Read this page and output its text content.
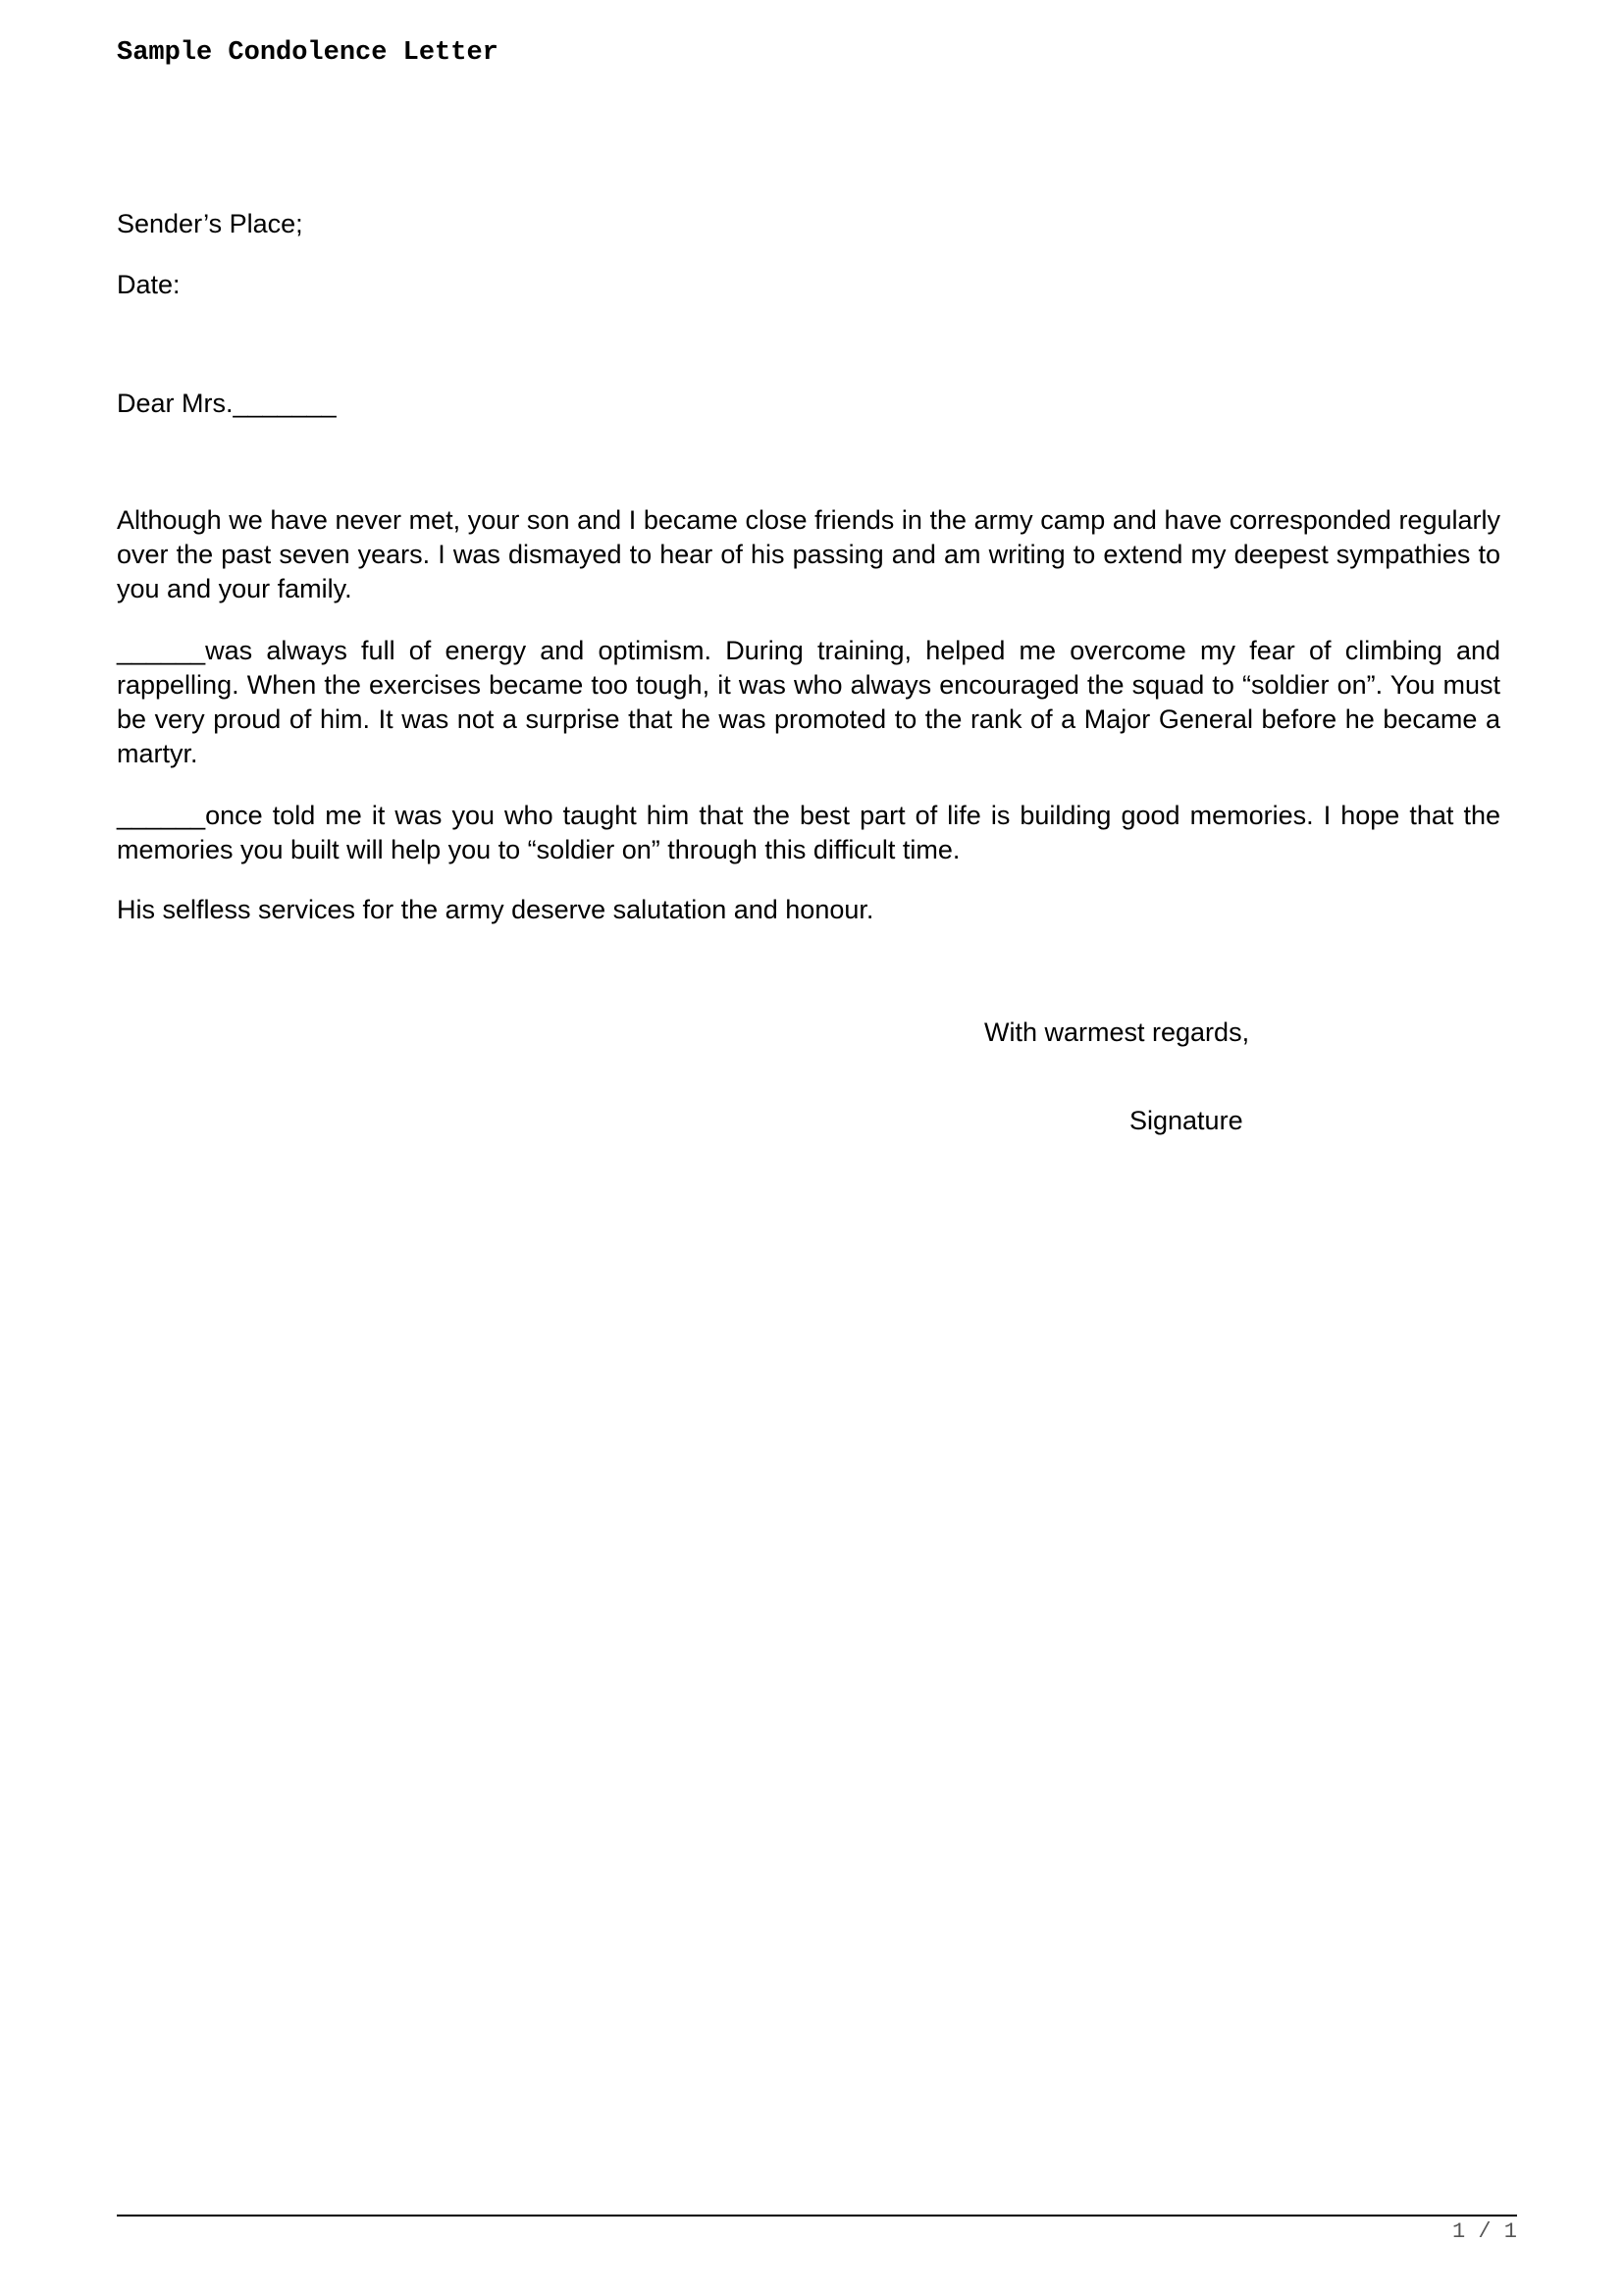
Sample Condolence Letter
Sender’s Place;
Date:
Dear Mrs._______

Although we have never met, your son and I became close friends in the army camp and have corresponded regularly over the past seven years. I was dismayed to hear of his passing and am writing to extend my deepest sympathies to you and your family.

______was always full of energy and optimism. During training, helped me overcome my fear of climbing and rappelling. When the exercises became too tough, it was who always encouraged the squad to “soldier on”. You must be very proud of him. It was not a surprise that he was promoted to the rank of a Major General before he became a martyr.

______once told me it was you who taught him that the best part of life is building good memories. I hope that the memories you built will help you to “soldier on” through this difficult time.

His selfless services for the army deserve salutation and honour.

With warmest regards,
Signature
1 / 1
